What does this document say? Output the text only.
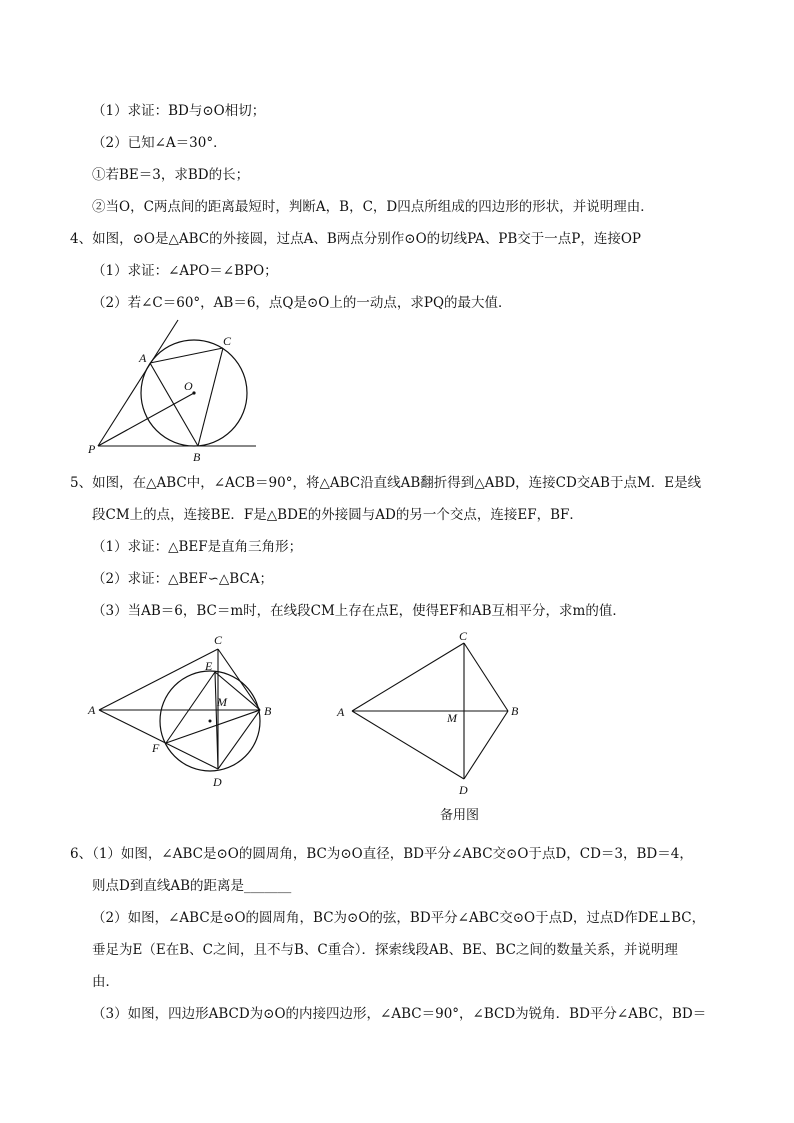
（1）求证：BD与⊙O相切；
（2）已知∠A＝30°．
①若BE＝3，求BD的长；
②当O，C两点间的距离最短时，判断A，B，C，D四点所组成的四边形的形状，并说明理由．
4、如图，⊙O是△ABC的外接圆，过点A、B两点分别作⊙O的切线PA、PB交于一点P，连接OP
（1）求证：∠APO＝∠BPO；
（2）若∠C＝60°，AB＝6，点Q是⊙O上的一动点，求PQ的最大值．
A
C
O
P
B
5、如图，在△ABC中，∠ACB＝90°，将△ABC沿直线AB翻折得到△ABD，连接CD交AB于点M．E是线
段CM上的点，连接BE．F是△BDE的外接圆与AD的另一个交点，连接EF，BF．
（1）求证：△BEF是直角三角形；
（2）求证：△BEF∽△BCA；
（3）当AB＝6，BC＝m时，在线段CM上存在点E，使得EF和AB互相平分，求m的值．
C
E
M
A	B
F
D
C
A	M	B
D
备用图
6、（1）如图，∠ABC是⊙O的圆周角，BC为⊙O直径，BD平分∠ABC交⊙O于点D，CD＝3，BD＝4，
则点D到直线AB的距离是_______
（2）如图，∠ABC是⊙O的圆周角，BC为⊙O的弦，BD平分∠ABC交⊙O于点D，过点D作DE⊥BC，
垂足为E（E在B、C之间，且不与B、C重合）．探索线段AB、BE、BC之间的数量关系，并说明理
由．
（3）如图，四边形ABCD为⊙O的内接四边形，∠ABC＝90°，∠BCD为锐角．BD平分∠ABC，BD＝
